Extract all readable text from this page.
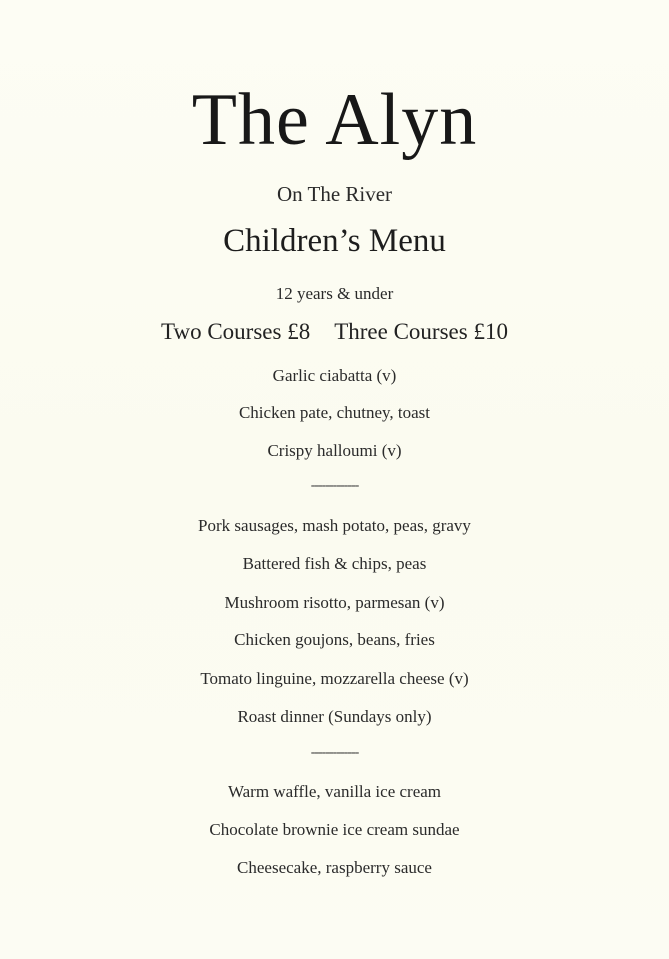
The Alyn
On The River
Children’s Menu
12 years & under
Two Courses £8 Three Courses £10
Garlic ciabatta (v)
Chicken pate, chutney, toast
Crispy halloumi (v)
-------------
Pork sausages, mash potato, peas, gravy
Battered fish & chips, peas
Mushroom risotto, parmesan (v)
Chicken goujons, beans, fries
Tomato linguine, mozzarella cheese (v)
Roast dinner (Sundays only)
-------------
Warm waffle, vanilla ice cream
Chocolate brownie ice cream sundae
Cheesecake, raspberry sauce
